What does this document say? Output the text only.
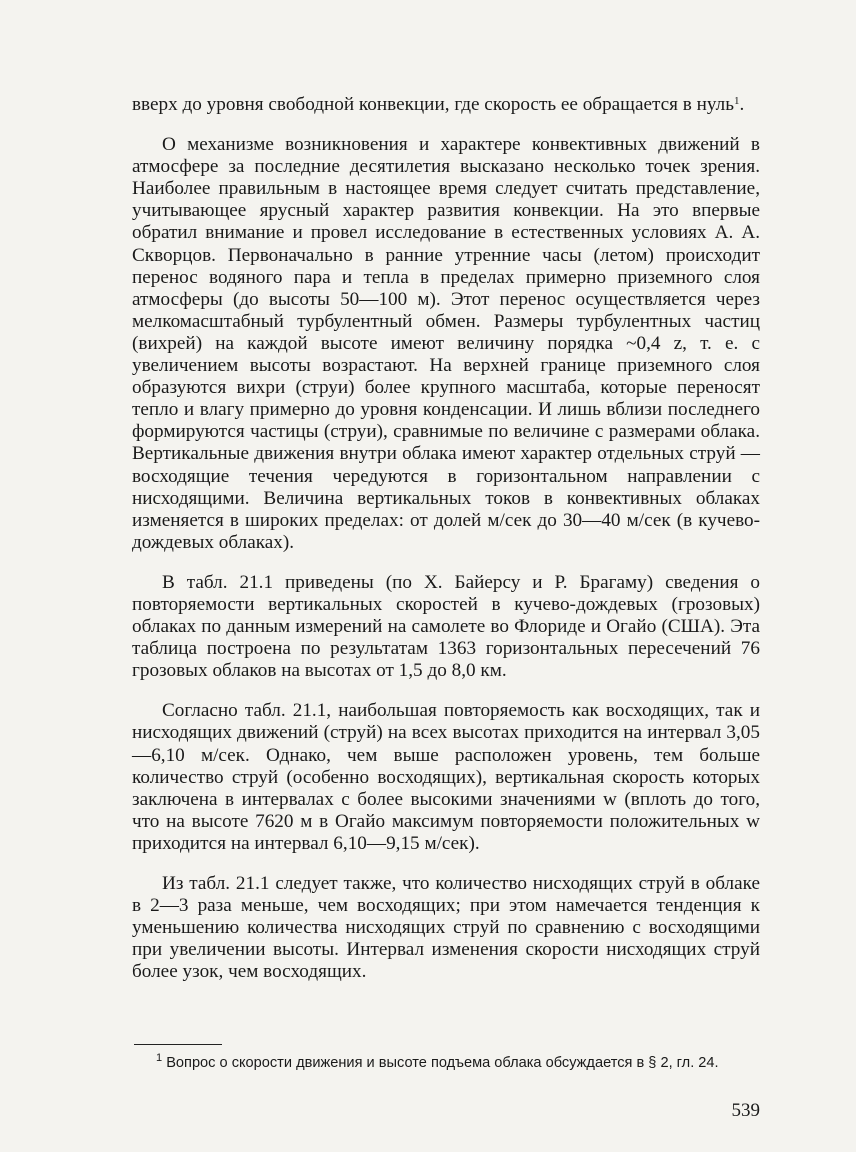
вверх до уровня свободной конвекции, где скорость ее обращается в нуль$^1$.

О механизме возникновения и характере конвективных движений в атмосфере за последние десятилетия высказано несколько точек зрения. Наиболее правильным в настоящее время следует считать представление, учитывающее ярусный характер развития конвекции. На это впервые обратил внимание и провел исследование в естественных условиях А. А. Скворцов. Первоначально в ранние утренние часы (летом) происходит перенос водяного пара и тепла в пределах примерно приземного слоя атмосферы (до высоты 50—100 м). Этот перенос осуществляется через мелкомасштабный турбулентный обмен. Размеры турбулентных частиц (вихрей) на каждой высоте имеют величину порядка ~0,4 z, т. е. с увеличением высоты возрастают. На верхней границе приземного слоя образуются вихри (струи) более крупного масштаба, которые переносят тепло и влагу примерно до уровня конденсации. И лишь вблизи последнего формируются частицы (струи), сравнимые по величине с размерами облака. Вертикальные движения внутри облака имеют характер отдельных струй — восходящие течения чередуются в горизонтальном направлении с нисходящими. Величина вертикальных токов в конвективных облаках изменяется в широких пределах: от долей м/сек до 30—40 м/сек (в кучево-дождевых облаках).

В табл. 21.1 приведены (по Х. Байерсу и Р. Брагаму) сведения о повторяемости вертикальных скоростей в кучево-дождевых (грозовых) облаках по данным измерений на самолете во Флориде и Огайо (США). Эта таблица построена по результатам 1363 горизонтальных пересечений 76 грозовых облаков на высотах от 1,5 до 8,0 км.

Согласно табл. 21.1, наибольшая повторяемость как восходящих, так и нисходящих движений (струй) на всех высотах приходится на интервал 3,05—6,10 м/сек. Однако, чем выше расположен уровень, тем больше количество струй (особенно восходящих), вертикальная скорость которых заключена в интервалах с более высокими значениями w (вплоть до того, что на высоте 7620 м в Огайо максимум повторяемости положительных w приходится на интервал 6,10—9,15 м/сек).

Из табл. 21.1 следует также, что количество нисходящих струй в облаке в 2—3 раза меньше, чем восходящих; при этом намечается тенденция к уменьшению количества нисходящих струй по сравнению с восходящими при увеличении высоты. Интервал изменения скорости нисходящих струй более узок, чем восходящих.

$^1$ Вопрос о скорости движения и высоте подъема облака обсуждается в § 2, гл. 24.

539
